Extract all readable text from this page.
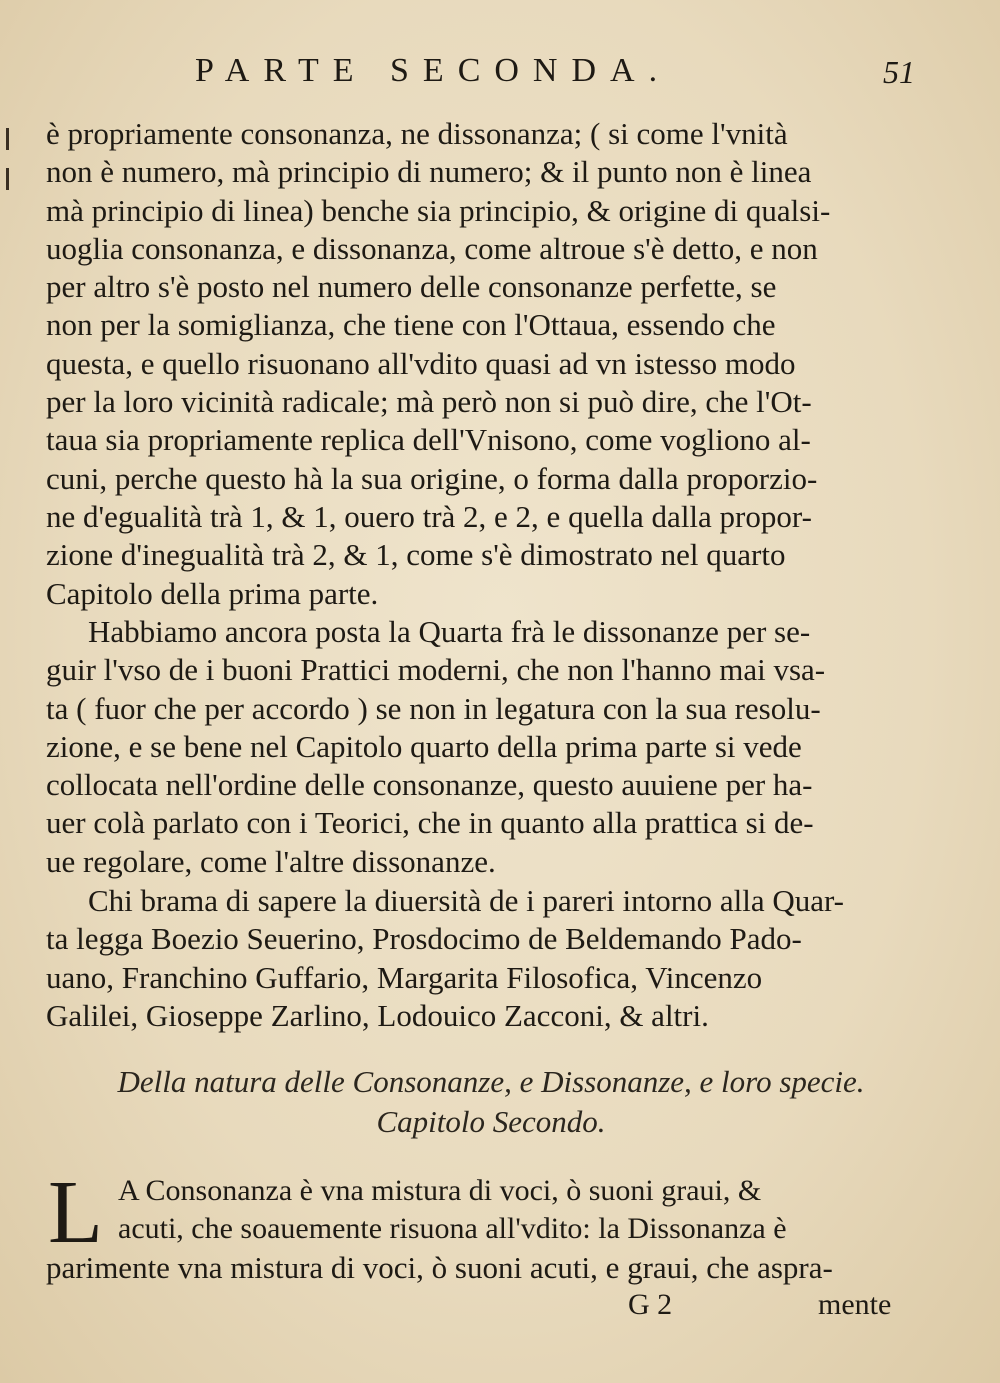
PARTE SECONDA.	51
è propriamente consonanza, ne dissonanza; ( si come l'vnità
non è numero, mà principio di numero; & il punto non è linea
mà principio di linea) benche sia principio, & origine di qualsi-
uoglia consonanza, e dissonanza, come altroue s'è detto, e non
per altro s'è posto nel numero delle consonanze perfette, se
non per la somiglianza, che tiene con l'Ottaua, essendo che
questa, e quello risuonano all'vdito quasi ad vn istesso modo
per la loro vicinità radicale; mà però non si può dire, che l'Ot-
taua sia propriamente replica dell'Vnisono, come vogliono al-
cuni, perche questo hà la sua origine, o forma dalla proporzio-
ne d'egualità trà 1, & 1, ouero trà 2, e 2, e quella dalla propor-
zione d'inegualità trà 2, & 1, come s'è dimostrato nel quarto
Capitolo della prima parte.
Habbiamo ancora posta la Quarta frà le dissonanze per se-
guir l'vso de i buoni Prattici moderni, che non l'hanno mai vsa-
ta ( fuor che per accordo ) se non in legatura con la sua resolu-
zione, e se bene nel Capitolo quarto della prima parte si vede
collocata nell'ordine delle consonanze, questo auuiene per ha-
uer colà parlato con i Teorici, che in quanto alla prattica si de-
ue regolare, come l'altre dissonanze.
Chi brama di sapere la diuersità de i pareri intorno alla Quar-
ta legga Boezio Seuerino, Prosdocimo de Beldemando Pado-
uano, Franchino Guffario, Margarita Filosofica, Vincenzo
Galilei, Gioseppe Zarlino, Lodouico Zacconi, & altri.
Della natura delle Consonanze, e Dissonanze, e loro specie.
Capitolo Secondo.
L A Consonanza è vna mistura di voci, ò suoni graui, &
acuti, che soauemente risuona all'vdito: la Dissonanza è
parimente vna mistura di voci, ò suoni acuti, e graui, che aspra-
G 2	mente
